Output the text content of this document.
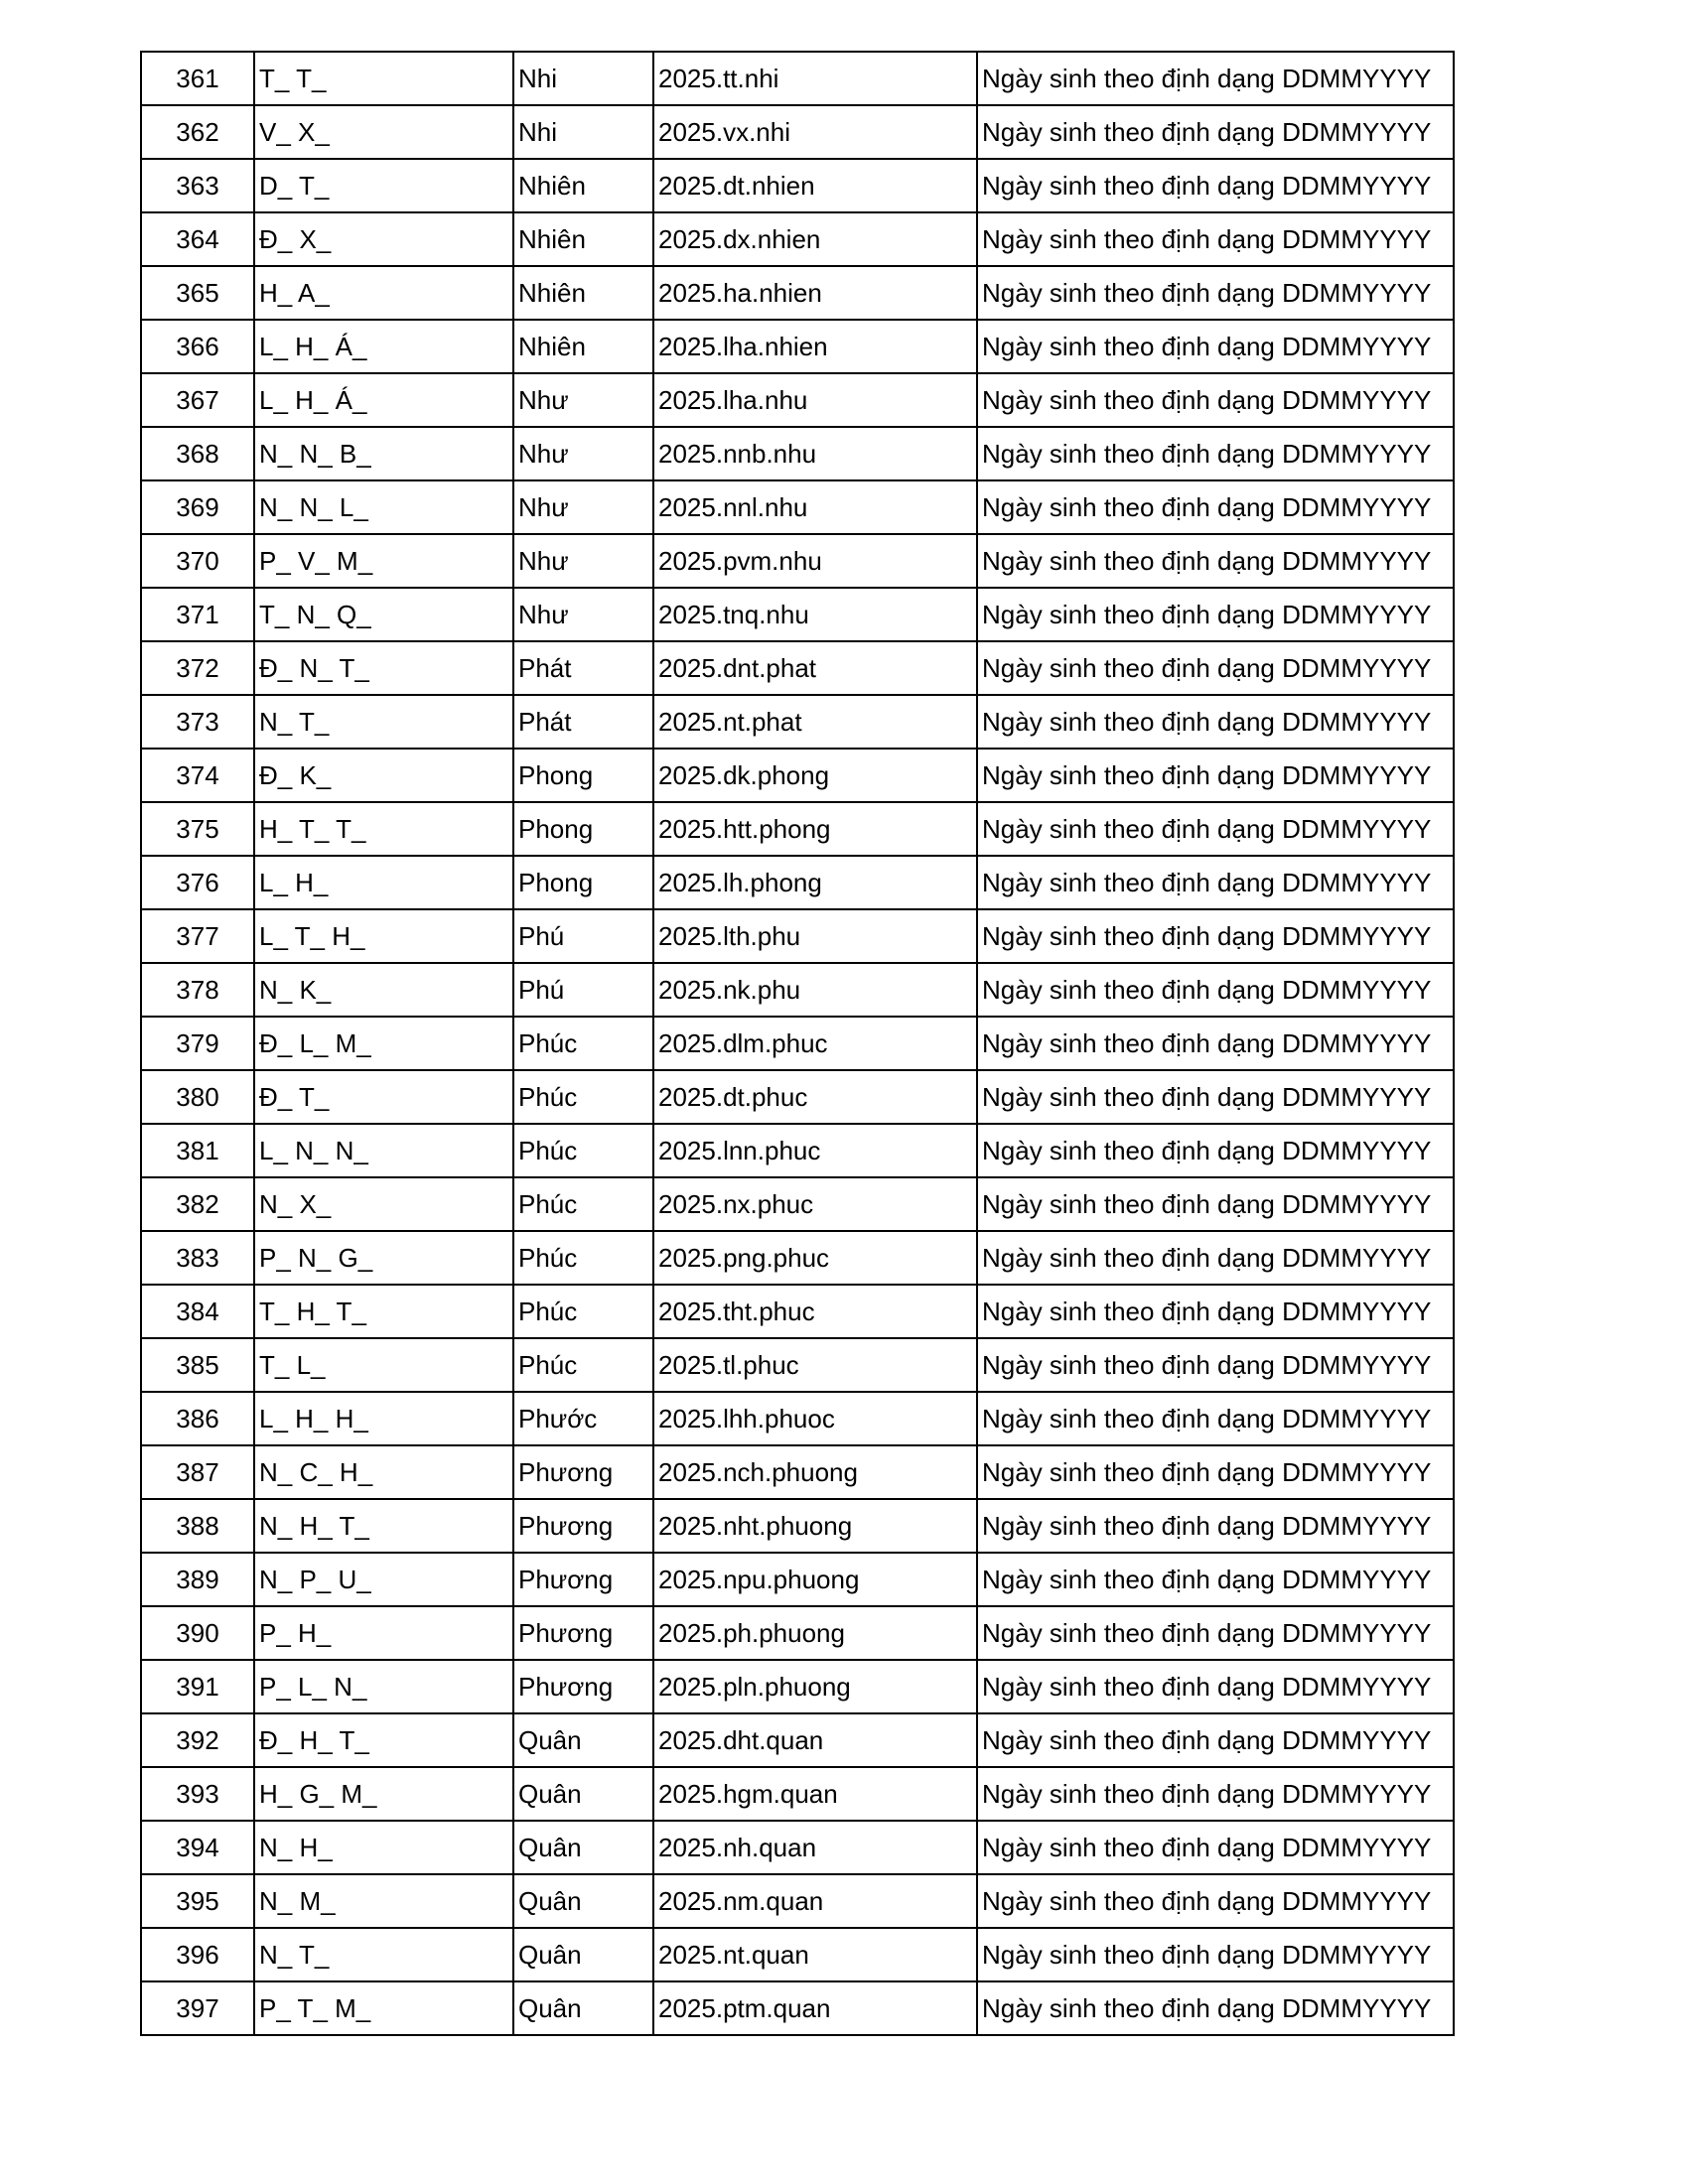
361	T_ T_	Nhi	2025.tt.nhi	Ngày sinh theo định dạng DDMMYYYY
362	V_ X_	Nhi	2025.vx.nhi	Ngày sinh theo định dạng DDMMYYYY
363	D_ T_	Nhiên	2025.dt.nhien	Ngày sinh theo định dạng DDMMYYYY
364	Đ_ X_	Nhiên	2025.dx.nhien	Ngày sinh theo định dạng DDMMYYYY
365	H_ A_	Nhiên	2025.ha.nhien	Ngày sinh theo định dạng DDMMYYYY
366	L_ H_ Á_	Nhiên	2025.lha.nhien	Ngày sinh theo định dạng DDMMYYYY
367	L_ H_ Á_	Như	2025.lha.nhu	Ngày sinh theo định dạng DDMMYYYY
368	N_ N_ B_	Như	2025.nnb.nhu	Ngày sinh theo định dạng DDMMYYYY
369	N_ N_ L_	Như	2025.nnl.nhu	Ngày sinh theo định dạng DDMMYYYY
370	P_ V_ M_	Như	2025.pvm.nhu	Ngày sinh theo định dạng DDMMYYYY
371	T_ N_ Q_	Như	2025.tnq.nhu	Ngày sinh theo định dạng DDMMYYYY
372	Đ_ N_ T_	Phát	2025.dnt.phat	Ngày sinh theo định dạng DDMMYYYY
373	N_ T_	Phát	2025.nt.phat	Ngày sinh theo định dạng DDMMYYYY
374	Đ_ K_	Phong	2025.dk.phong	Ngày sinh theo định dạng DDMMYYYY
375	H_ T_ T_	Phong	2025.htt.phong	Ngày sinh theo định dạng DDMMYYYY
376	L_ H_	Phong	2025.lh.phong	Ngày sinh theo định dạng DDMMYYYY
377	L_ T_ H_	Phú	2025.lth.phu	Ngày sinh theo định dạng DDMMYYYY
378	N_ K_	Phú	2025.nk.phu	Ngày sinh theo định dạng DDMMYYYY
379	Đ_ L_ M_	Phúc	2025.dlm.phuc	Ngày sinh theo định dạng DDMMYYYY
380	Đ_ T_	Phúc	2025.dt.phuc	Ngày sinh theo định dạng DDMMYYYY
381	L_ N_ N_	Phúc	2025.lnn.phuc	Ngày sinh theo định dạng DDMMYYYY
382	N_ X_	Phúc	2025.nx.phuc	Ngày sinh theo định dạng DDMMYYYY
383	P_ N_ G_	Phúc	2025.png.phuc	Ngày sinh theo định dạng DDMMYYYY
384	T_ H_ T_	Phúc	2025.tht.phuc	Ngày sinh theo định dạng DDMMYYYY
385	T_ L_	Phúc	2025.tl.phuc	Ngày sinh theo định dạng DDMMYYYY
386	L_ H_ H_	Phước	2025.lhh.phuoc	Ngày sinh theo định dạng DDMMYYYY
387	N_ C_ H_	Phương	2025.nch.phuong	Ngày sinh theo định dạng DDMMYYYY
388	N_ H_ T_	Phương	2025.nht.phuong	Ngày sinh theo định dạng DDMMYYYY
389	N_ P_ U_	Phương	2025.npu.phuong	Ngày sinh theo định dạng DDMMYYYY
390	P_ H_	Phương	2025.ph.phuong	Ngày sinh theo định dạng DDMMYYYY
391	P_ L_ N_	Phương	2025.pln.phuong	Ngày sinh theo định dạng DDMMYYYY
392	Đ_ H_ T_	Quân	2025.dht.quan	Ngày sinh theo định dạng DDMMYYYY
393	H_ G_ M_	Quân	2025.hgm.quan	Ngày sinh theo định dạng DDMMYYYY
394	N_ H_	Quân	2025.nh.quan	Ngày sinh theo định dạng DDMMYYYY
395	N_ M_	Quân	2025.nm.quan	Ngày sinh theo định dạng DDMMYYYY
396	N_ T_	Quân	2025.nt.quan	Ngày sinh theo định dạng DDMMYYYY
397	P_ T_ M_	Quân	2025.ptm.quan	Ngày sinh theo định dạng DDMMYYYY
